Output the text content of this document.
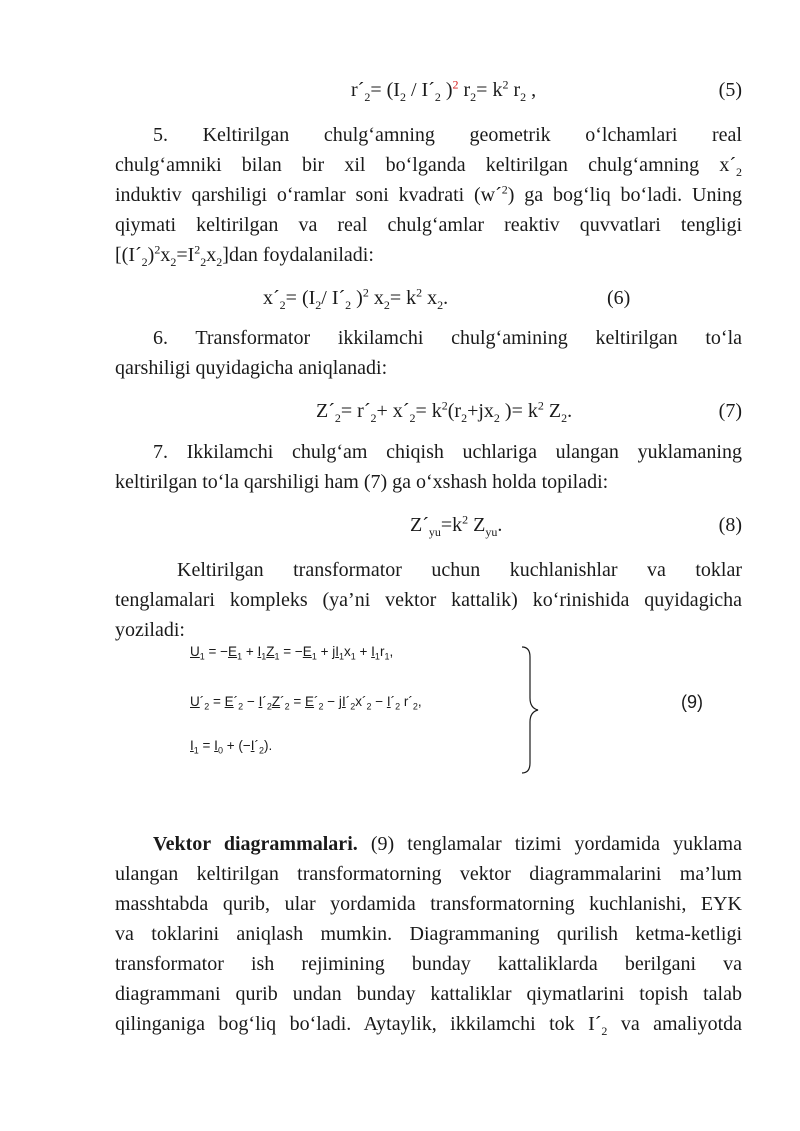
$r´_2= (I_2$ / $I´_2$ )$^2$ $r_2= k^2$ $r_2$ ,	(5)
5. Keltirilgan chulg‘amning geometrik o‘lchamlari real
chulg‘amniki bilan bir xil bo‘lganda keltirilgan chulg‘amning $x´_2$
induktiv qarshiligi o‘ramlar soni kvadrati (w´$^2$) ga bog‘liq bo‘ladi. Uning
qiymati keltirilgan va real chulg‘amlar reaktiv quvvatlari tengligi
$[(I´_2)^2x_2=I^2_2x_2]dan$ foydalaniladi:
$x´_2= (I_2/$ $I´_2$ )$^2$ $x_2= k^2$ $x_2$.	(6)
6. Transformator ikkilamchi chulg‘amining keltirilgan to‘la
qarshiligi quyidagicha aniqlanadi:
$Z´_2=$ $r´_2+$ $x´_2= k^2(r_2+jx_2$ )= $k^2$ $Z_2$.	(7)
7. Ikkilamchi chulg‘am chiqish uchlariga ulangan yuklamaning
keltirilgan to‘la qarshiligi ham (7) ga o‘xshash holda topiladi:
$Z´_{yu}=k^2$ $Z_{yu}$.	(8)
Keltirilgan transformator uchun kuchlanishlar va toklar
tenglamalari kompleks (ya’ni vektor kattalik) ko‘rinishida quyidagicha
yoziladi:
$U_1 = -E_1 + I_1Z_1 = -E_1 + jI_1x_1 + I_1r_1$,
$U´_2$ = $E´_2$ − $I´_2Z´_2$ = $E´_2$ − $jI´_2x´_2$ − $I´_2$ $r´_2$,
$I_1 = I_0$ + $(-I´_2)$.
(9)
Vektor diagrammalari. (9) tenglamalar tizimi yordamida yuklama
ulangan keltirilgan transformatorning vektor diagrammalarini ma’lum
masshtabda qurib, ular yordamida transformatorning kuchlanishi, EYK
va toklarini aniqlash mumkin. Diagrammaning qurilish ketma-ketligi
transformator ish rejimining bunday kattaliklarda berilgani va
diagrammani qurib undan bunday kattaliklar qiymatlarini topish talab
qilinganiga bog‘liq bo‘ladi. Aytaylik, ikkilamchi tok $I´_2$ va amaliyotda
